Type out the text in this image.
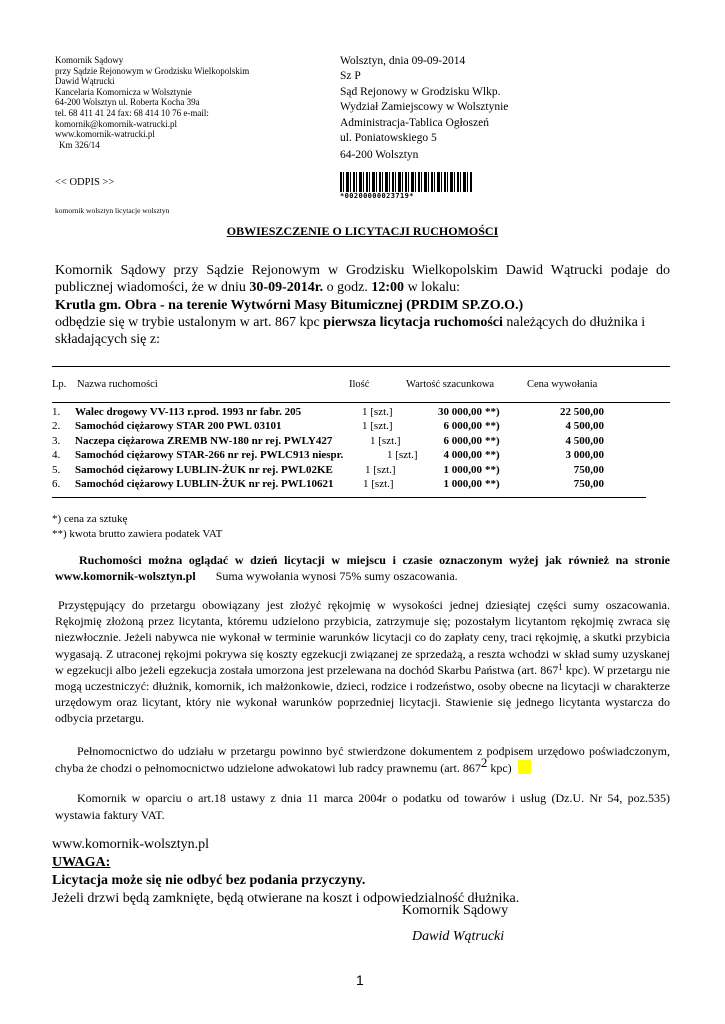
Komornik Sądowy
przy Sądzie Rejonowym w Grodzisku Wielkopolskim
Dawid Wątrucki
Kancelaria Komornicza w Wolsztynie
64-200 Wolsztyn ul. Roberta Kocha 39a
tel. 68 411 41 24 fax: 68 414 10 76 e-mail:
komornik@komornik-watrucki.pl
www.komornik-watrucki.pl
Km 326/14
Wolsztyn, dnia 09-09-2014
Sz P
Sąd Rejonowy w Grodzisku Wlkp.
Wydział Zamiejscowy w Wolsztynie
Administracja-Tablica Ogłoszeń
ul. Poniatowskiego 5
64-200 Wolsztyn
<< ODPIS >>
*00200000023719*
komornik wolsztyn licytacje wolsztyn
OBWIESZCZENIE O LICYTACJI RUCHOMOŚCI
Komornik Sądowy przy Sądzie Rejonowym w Grodzisku Wielkopolskim Dawid Wątrucki podaje do
publicznej wiadomości, że w dniu 30-09-2014r. o godz. 12:00 w lokalu:
Krutla gm. Obra - na terenie Wytwórni Masy Bitumicznej (PRDIM SP.ZO.O.)
odbędzie się w trybie ustalonym w art. 867 kpc pierwsza licytacja ruchomości należących do dłużnika i
składających się z:
Lp. Nazwa ruchomości	Ilość	Wartość szacunkowa	Cena wywołania
1. Walec drogowy VV-113 r.prod. 1993 nr fabr. 205	1 [szt.]	30 000,00 **)	22 500,00
2. Samochód ciężarowy STAR 200 PWL 03101	1 [szt.]	6 000,00 **)	4 500,00
3. Naczepa ciężarowa ZREMB NW-180 nr rej. PWLY427	1 [szt.]	6 000,00 **)	4 500,00
4. Samochód ciężarowy STAR-266 nr rej. PWLC913 niespr.	1 [szt.]	4 000,00 **)	3 000,00
5. Samochód ciężarowy LUBLIN-ŻUK nr rej. PWL02KE	1 [szt.]	1 000,00 **)	750,00
6. Samochód ciężarowy LUBLIN-ŻUK nr rej. PWL10621	1 [szt.]	1 000,00 **)	750,00
*) cena za sztukę
**) kwota brutto zawiera podatek VAT
Ruchomości można oglądać w dzień licytacji w miejscu i czasie oznaczonym wyżej jak również na stronie www.komornik-wolsztyn.pl Suma wywołania wynosi 75% sumy oszacowania.
Przystępujący do przetargu obowiązany jest złożyć rękojmię w wysokości jednej dziesiątej części sumy oszacowania. Rękojmię złożoną przez licytanta, któremu udzielono przybicia, zatrzymuje się; pozostałym licytantom rękojmię zwraca się niezwłocznie. Jeżeli nabywca nie wykonał w terminie warunków licytacji co do zapłaty ceny, traci rękojmię, a skutki przybicia wygasają. Z utraconej rękojmi pokrywa się koszty egzekucji związanej ze sprzedażą, a reszta wchodzi w skład sumy uzyskanej w egzekucji albo jeżeli egzekucja została umorzona jest przelewana na dochód Skarbu Państwa (art. $867^1$ kpc). W przetargu nie mogą uczestniczyć: dłużnik, komornik, ich małżonkowie, dzieci, rodzice i rodzeństwo, osoby obecne na licytacji w charakterze urzędowym oraz licytant, który nie wykonał warunków poprzedniej licytacji. Stawienie się jednego licytanta wystarcza do odbycia przetargu.
Pełnomocnictwo do udziału w przetargu powinno być stwierdzone dokumentem z podpisem urzędowo poświadczonym, chyba że chodzi o pełnomocnictwo udzielone adwokatowi lub radcy prawnemu (art. $867^2$ kpc)
Komornik w oparciu o art.18 ustawy z dnia 11 marca 2004r o podatku od towarów i usług (Dz.U. Nr 54, poz.535) wystawia faktury VAT.
www.komornik-wolsztyn.pl
UWAGA:
Licytacja może się nie odbyć bez podania przyczyny.
Jeżeli drzwi będą zamknięte, będą otwierane na koszt i odpowiedzialność dłużnika.
Komornik Sądowy
Dawid Wątrucki
1
